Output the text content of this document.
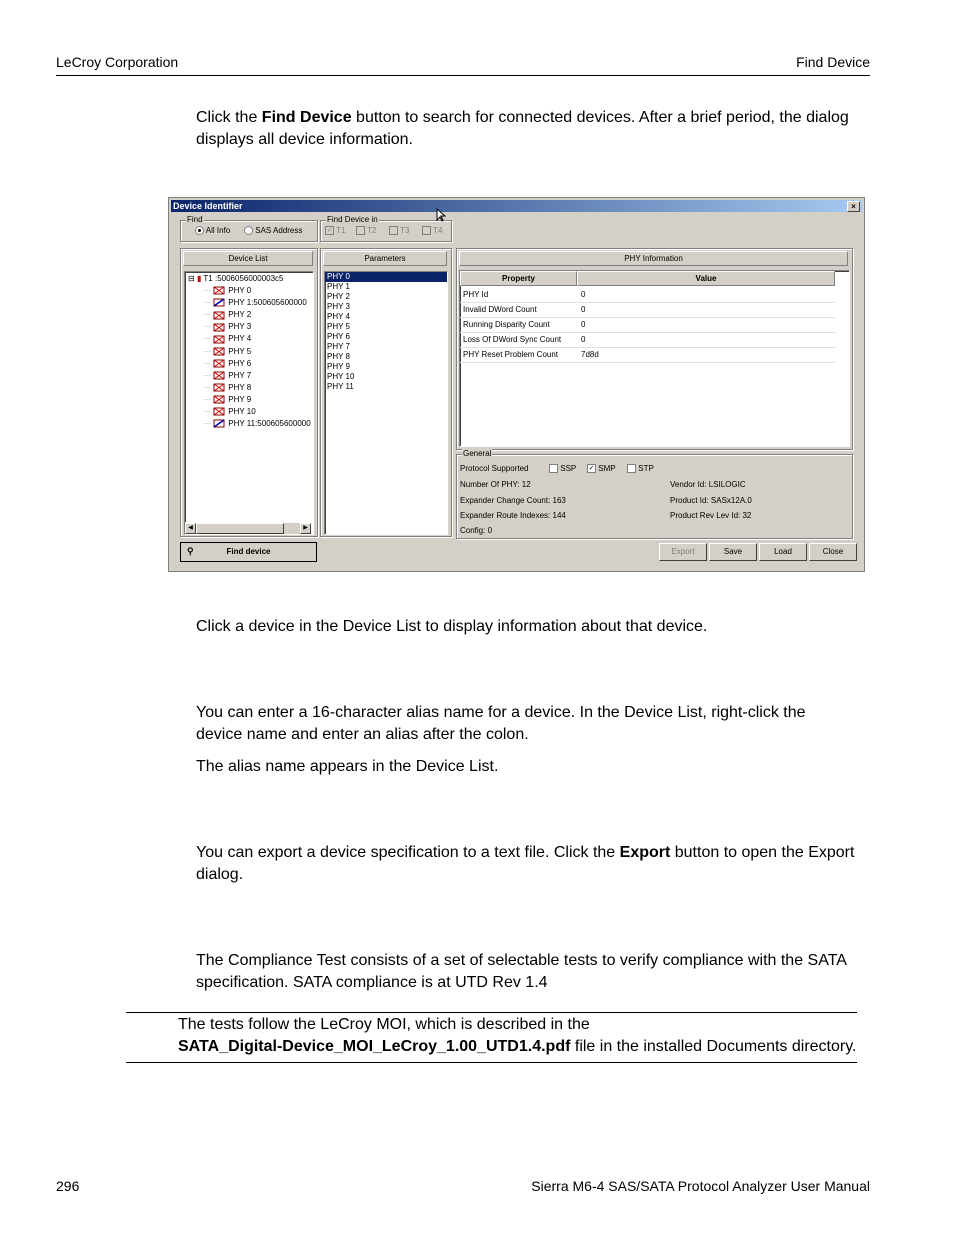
LeCroy Corporation	Find Device
Click the Find Device button to search for connected devices. After a brief period, the dialog displays all device information.
Device Identifier	×
Find
All Info	SAS Address
Find Device in
✓ T1	T2	T3	T4
Device List
⊟ ▮ T1 :5006056000003c5
··· PHY 0
··· PHY 1:500605600000
··· PHY 2
··· PHY 3
··· PHY 4
··· PHY 5
··· PHY 6
··· PHY 7
··· PHY 8
··· PHY 9
··· PHY 10
··· PHY 11:500605600000
◀	▶
Parameters
PHY 0
PHY 1
PHY 2
PHY 3
PHY 4
PHY 5
PHY 6
PHY 7
PHY 8
PHY 9
PHY 10
PHY 11
PHY Information
Property	Value
PHY Id	0
Invalid DWord Count	0
Running Disparity Count	0
Loss Of DWord Sync Count 0
PHY Reset Problem Count	7d8d
General
Protocol Supported	SSP ✓ SMP	STP
Number Of PHY: 12	Vendor Id: LSILOGIC
Expander Change Count: 163	Product Id: SASx12A.0
Expander Route Indexes: 144	Product Rev Lev Id: 32
Config: 0
⚲	Find device	Export	Save	Load	Close
Click a device in the Device List to display information about that device.
You can enter a 16-character alias name for a device. In the Device List, right-click the device name and enter an alias after the colon.
The alias name appears in the Device List.
You can export a device specification to a text file. Click the Export button to open the Export dialog.
The Compliance Test consists of a set of selectable tests to verify compliance with the SATA specification. SATA compliance is at UTD Rev 1.4
The tests follow the LeCroy MOI, which is described in the
SATA_Digital-Device_MOI_LeCroy_1.00_UTD1.4.pdf file in the installed Documents directory.
296	Sierra M6-4 SAS/SATA Protocol Analyzer User Manual
